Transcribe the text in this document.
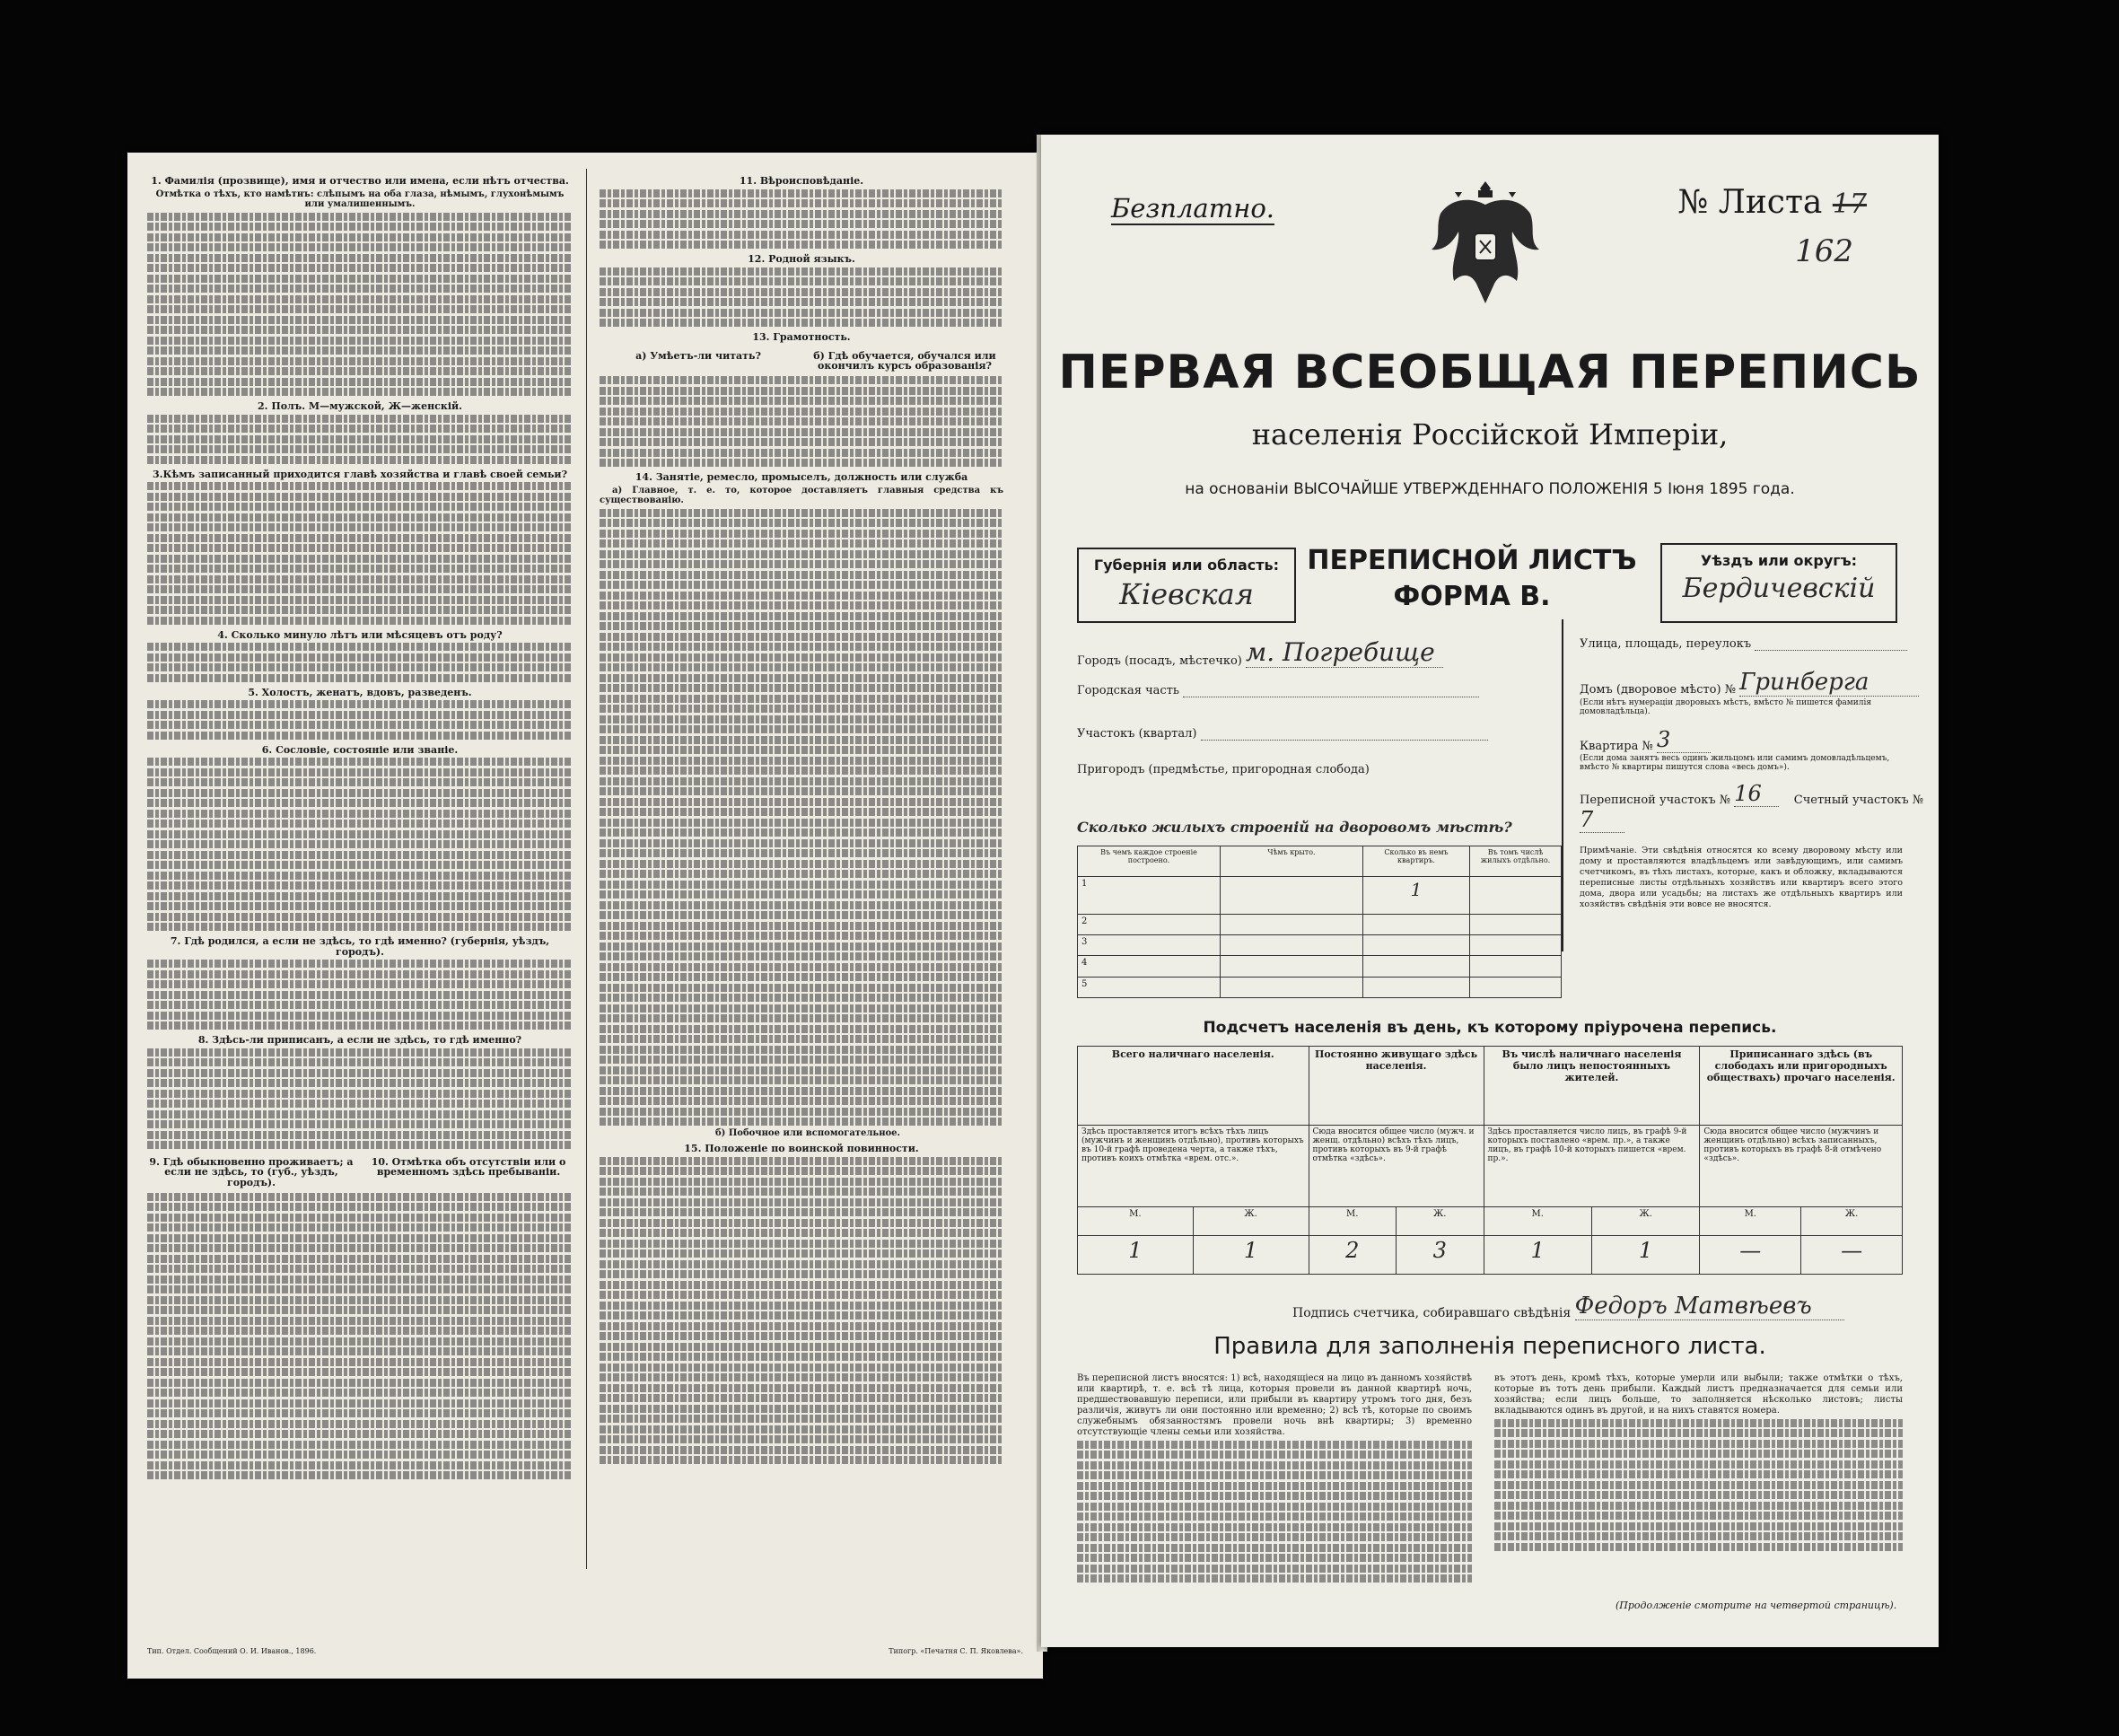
1. Фамилія (прозвище), имя и отчество или имена, если нѣтъ отчества.

Отмѣтка о тѣхъ, кто намѣтнъ: слѣпымъ на оба глаза, нѣмымъ, глухонѣмымъ или умалишеннымъ.

2. Полъ. М—мужской, Ж—женскій.
3.Кѣмъ записанный приходится главѣ хозяйства и главѣ своей семьи?
4. Сколько минуло лѣтъ или мѣсяцевъ отъ роду?
5. Холостъ, женатъ, вдовъ, разведенъ.
6. Сословіе, состояніе или званіе.
7. Гдѣ родился, а если не здѣсь, то гдѣ именно? (губернія, уѣздъ, городъ).
8. Здѣсь-ли приписанъ, а если не здѣсь, то гдѣ именно?
9. Гдѣ обыкновенно проживаетъ; а если не здѣсь, то (губ., уѣздъ, городъ).
10. Отмѣтка объ отсутствіи или о временномъ здѣсь пребываніи.
11. Вѣроисповѣданіе.
12. Родной языкъ.
13. Грамотность.
а) Умѣетъ-ли читать?	б) Гдѣ обучается, обучался или окончилъ курсъ образованія?
14. Занятіе, ремесло, промыселъ, должность или служба

а) Главное, т. е. то, которое доставляетъ главныя средства къ существованію.

б) Побочное или вспомогательное.

15. Положеніе по воинской повинности.
Тип. Отдел. Сообщений О. И. Иванов., 1896.	Типогр. «Печатня С. П. Яковлева».
Безплатно.	№ Листа 17
162
ПЕРВАЯ ВСЕОБЩАЯ ПЕРЕПИСЬ
населенія Россійской Имперіи,
на основаніи ВЫСОЧАЙШЕ УТВЕРЖДЕННАГО ПОЛОЖЕНІЯ 5 Іюня 1895 года.
Губернія или область:
Кіевская
ПЕРЕПИСНОЙ ЛИСТЪ
ФОРМА В.
Уѣздъ или округъ:
Бердичевскій
Городъ (посадъ, мѣстечко) м. Погребище
Городская часть
Участокъ (квартал)
Пригородъ (предмѣстье, пригородная слобода)
Улица, площадь, переулокъ
Домъ (дворовое мѣсто) № Гринберга
(Если нѣтъ нумераціи дворовыхъ мѣстъ, вмѣсто № пишется фамилія домовладѣльца).
Квартира № 3
(Если дома занятъ весь одинъ жильцомъ или самимъ домовладѣльцемъ, вмѣсто № квартиры пишутся слова «весь домъ»).
Переписной участокъ № 16	Счетный участокъ № 7
Сколько жилыхъ строеній на дворовомъ мѣстѣ?
Въ чемъ каждое строеніе построено.	Чѣмъ крыто.	Сколько въ немъ квартиръ.	Въ томъ числѣ жилыхъ отдѣльно.
1		1	
2			
3			
4			
5			
Примѣчаніе. Эти свѣдѣнія относятся ко всему дворовому мѣсту или дому и проставляются владѣльцемъ или завѣдующимъ, или самимъ счетчикомъ, въ тѣхъ листахъ, которые, какъ и обложку, вкладываются переписные листы отдѣльныхъ хозяйствъ или квартиръ всего этого дома, двора или усадьбы; на листахъ же отдѣльныхъ квартиръ или хозяйствъ свѣдѣнія эти вовсе не вносятся.
Подсчетъ населенія въ день, къ которому пріурочена перепись.
Всего наличнаго населенія.		Постоянно живущаго здѣсь населенія.		Въ числѣ наличнаго населенія было лицъ непостоянныхъ жителей.		Приписаннаго здѣсь (въ слободахъ или пригородныхъ обществахъ) прочаго населенія.	
Здѣсь проставляется итогъ всѣхъ тѣхъ лицъ (мужчинъ и женщинъ отдѣльно), противъ которыхъ въ 10-й графѣ проведена черта, а также тѣхъ, противъ коихъ отмѣтка «врем. отс.».		Сюда вносится общее число (мужч. и женщ. отдѣльно) всѣхъ тѣхъ лицъ, противъ которыхъ въ 9-й графѣ отмѣтка «здѣсь».		Здѣсь проставляется число лицъ, въ графѣ 9-й которыхъ поставлено «врем. пр.», а также лицъ, въ графѣ 10-й которыхъ пишется «врем. пр.».		Сюда вносится общее число (мужчинъ и женщинъ отдѣльно) всѣхъ записанныхъ, противъ которыхъ въ графѣ 8-й отмѣчено «здѣсь».	
М.	Ж.	М.	Ж.	М.	Ж.	М.	Ж.
1	1	2	3	1	1	—	—
Подпись счетчика, собиравшаго свѣдѣнія Федоръ Матвѣевъ
Правила для заполненія переписного листа.
Въ переписной листъ вносятся: 1) всѣ, находящіеся на лицо въ данномъ хозяйствѣ или квартирѣ, т. е. всѣ тѣ лица, которыя провели въ данной квартирѣ ночь, предшествовавшую переписи, или прибыли въ квартиру утромъ того дня, безъ различія, живутъ ли они постоянно или временно; 2) всѣ тѣ, которые по своимъ служебнымъ обязанностямъ провели ночь внѣ квартиры; 3) временно отсутствующіе члены семьи или хозяйства.
въ этотъ день, кромѣ тѣхъ, которые умерли или выбыли; также отмѣтки о тѣхъ, которые въ тотъ день прибыли. Каждый листъ предназначается для семьи или хозяйства; если лицъ больше, то заполняется нѣсколько листовъ; листы вкладываются одинъ въ другой, и на нихъ ставятся номера.
(Продолженіе смотрите на четвертой страницѣ).
